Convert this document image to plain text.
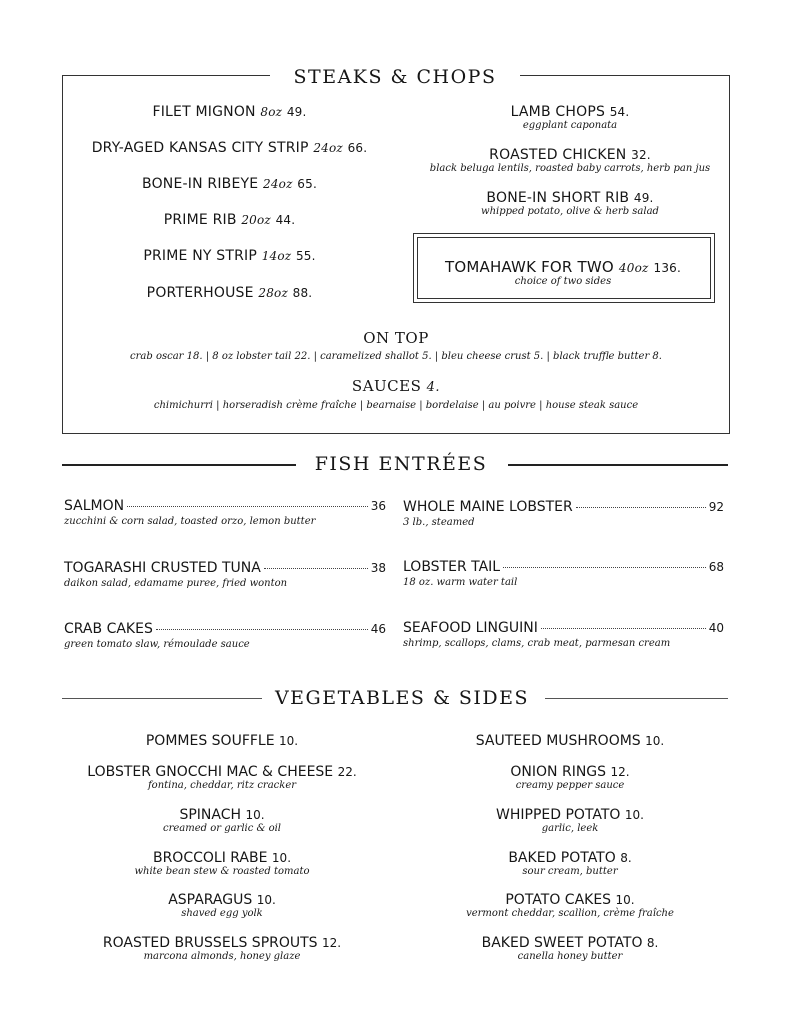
STEAKS & CHOPS
FILET MIGNON 8oz 49.
DRY-AGED KANSAS CITY STRIP 24oz 66.
BONE-IN RIBEYE 24oz 65.
PRIME RIB 20oz 44.
PRIME NY STRIP 14oz 55.
PORTERHOUSE 28oz 88.
LAMB CHOPS 54.
eggplant caponata
ROASTED CHICKEN 32.
black beluga lentils, roasted baby carrots, herb pan jus
BONE-IN SHORT RIB 49.
whipped potato, olive & herb salad
TOMAHAWK FOR TWO 40oz 136.
choice of two sides
ON TOP
crab oscar 18. | 8 oz lobster tail 22. | caramelized shallot 5. | bleu cheese crust 5. | black truffle butter 8.
SAUCES 4.
chimichurri | horseradish crème fraîche | bearnaise | bordelaise | au poivre | house steak sauce
FISH ENTRÉES
SALMON	36
zucchini & corn salad, toasted orzo, lemon butter
TOGARASHI CRUSTED TUNA	38
daikon salad, edamame puree, fried wonton
CRAB CAKES	46
green tomato slaw, rémoulade sauce
WHOLE MAINE LOBSTER	92
3 lb., steamed
LOBSTER TAIL	68
18 oz. warm water tail
SEAFOOD LINGUINI	40
shrimp, scallops, clams, crab meat, parmesan cream
VEGETABLES & SIDES
POMMES SOUFFLE 10.
LOBSTER GNOCCHI MAC & CHEESE 22.
fontina, cheddar, ritz cracker
SPINACH 10.
creamed or garlic & oil
BROCCOLI RABE 10.
white bean stew & roasted tomato
ASPARAGUS 10.
shaved egg yolk
ROASTED BRUSSELS SPROUTS 12.
marcona almonds, honey glaze
SAUTEED MUSHROOMS 10.
ONION RINGS 12.
creamy pepper sauce
WHIPPED POTATO 10.
garlic, leek
BAKED POTATO 8.
sour cream, butter
POTATO CAKES 10.
vermont cheddar, scallion, crème fraîche
BAKED SWEET POTATO 8.
canella honey butter
